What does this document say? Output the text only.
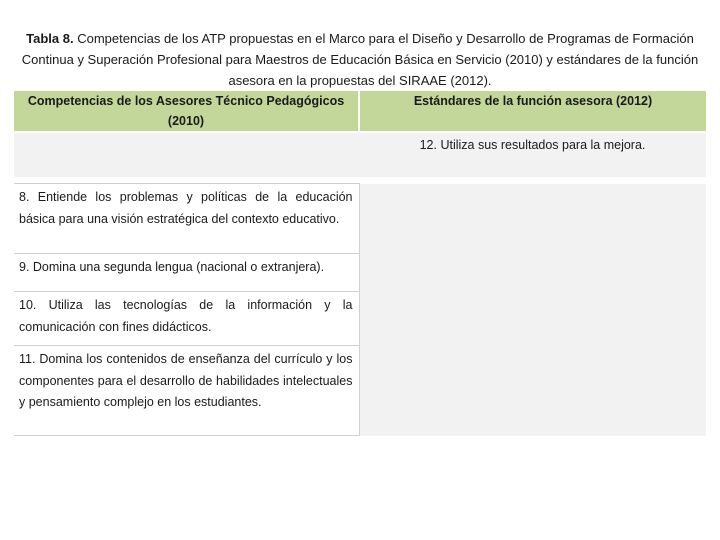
Tabla 8. Competencias de los ATP propuestas en el Marco para el Diseño y Desarrollo de Programas de Formación Continua y Superación Profesional para Maestros de Educación Básica en Servicio (2010) y estándares de la función asesora en la propuestas del SIRAAE (2012).
Competencias de los Asesores Técnico Pedagógicos (2010)	Estándares de la función asesora (2012)
	12. Utiliza sus resultados para la mejora.

8. Entiende los problemas y políticas de la educación básica para una visión estratégica del contexto educativo.	
9. Domina una segunda lengua (nacional o extranjera).	
10. Utiliza las tecnologías de la información y la comunicación con fines didácticos.	
11. Domina los contenidos de enseñanza del currículo y los componentes para el desarrollo de habilidades intelectuales y pensamiento complejo en los estudiantes.	
